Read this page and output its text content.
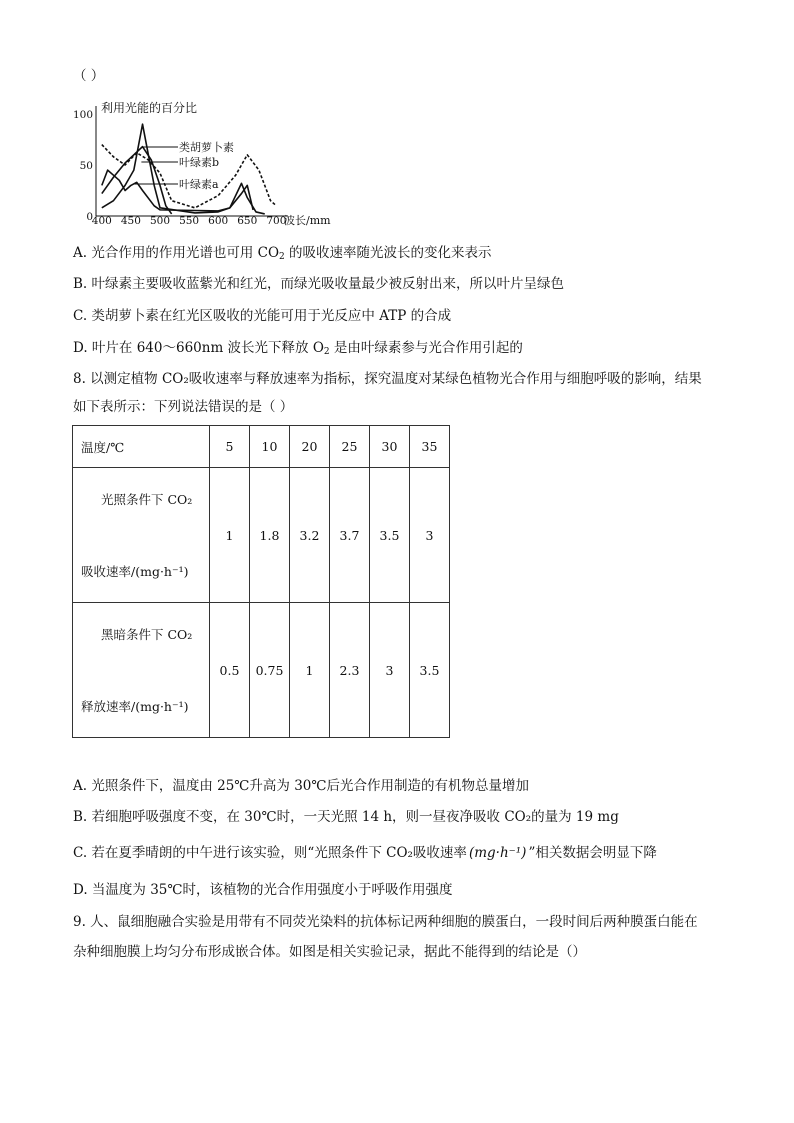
（ ）
利用光能的百分比
100
50
0
400 450 500 550 600 650 700
波长/mm
类胡萝卜素
叶绿素b
叶绿素a
A. 光合作用的作用光谱也可用 $CO_2$ 的吸收速率随光波长的变化来表示
B. 叶绿素主要吸收蓝紫光和红光，而绿光吸收量最少被反射出来，所以叶片呈绿色
C. 类胡萝卜素在红光区吸收的光能可用于光反应中 ATP 的合成
D. 叶片在 640～660nm 波长光下释放 $O_2$ 是由叶绿素参与光合作用引起的
8. 以测定植物 CO₂吸收速率与释放速率为指标，探究温度对某绿色植物光合作用与细胞呼吸的影响，结果
如下表所示：下列说法错误的是（ ）
温度/℃	5	10	20	25	30	35

光照条件下 CO₂
吸收速率/(mg·h⁻¹)	1	1.8	3.2	3.7	3.5	3

黑暗条件下 CO₂
释放速率/(mg·h⁻¹)	0.5	0.75	1	2.3	3	3.5
A. 光照条件下，温度由 25℃升高为 30℃后光合作用制造的有机物总量增加
B. 若细胞呼吸强度不变，在 30℃时，一天光照 14 h，则一昼夜净吸收 CO₂的量为 19 mg
C. 若在夏季晴朗的中午进行该实验，则“光照条件下 CO₂吸收速率 (mg·h⁻¹) ”相关数据会明显下降
D. 当温度为 35℃时，该植物的光合作用强度小于呼吸作用强度
9. 人、鼠细胞融合实验是用带有不同荧光染料的抗体标记两种细胞的膜蛋白，一段时间后两种膜蛋白能在
杂种细胞膜上均匀分布形成嵌合体。如图是相关实验记录，据此不能得到的结论是（）
